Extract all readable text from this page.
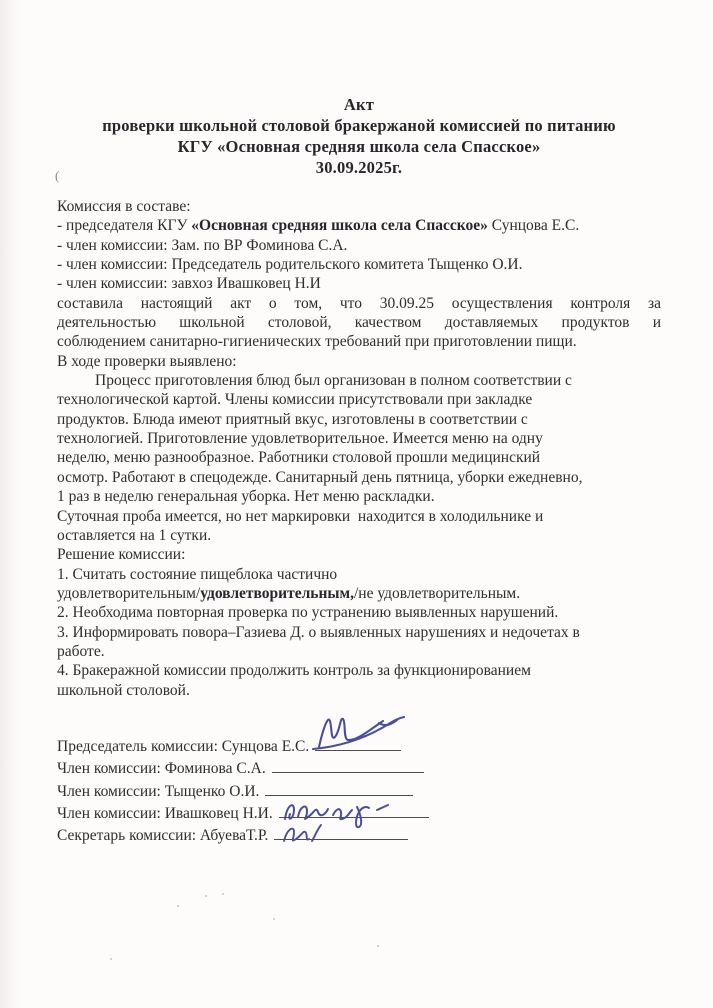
(
Акт
проверки школьной столовой бракержаной комиссией по питанию
КГУ «Основная средняя школа села Спасское»
30.09.2025г.
Комиссия в составе:
- председателя КГУ «Основная средняя школа села Спасское» Сунцова Е.С.
- член комиссии: Зам. по ВР Фоминова С.А.
- член комиссии: Председатель родительского комитета Тыщенко О.И.
- член комиссии: завхоз Ивашковец Н.И
составила настоящий акт о том, что 30.09.25 осуществления контроля за
деятельностью школьной столовой, качеством доставляемых продуктов и
соблюдением санитарно-гигиенических требований при приготовлении пищи.
В ходе проверки выявлено:
Процесс приготовления блюд был организован в полном соответствии с
технологической картой. Члены комиссии присутствовали при закладке
продуктов. Блюда имеют приятный вкус, изготовлены в соответствии с
технологией. Приготовление удовлетворительное. Имеется меню на одну
неделю, меню разнообразное. Работники столовой прошли медицинский
осмотр. Работают в спецодежде. Санитарный день пятница, уборки ежедневно,
1 раз в неделю генеральная уборка. Нет меню раскладки.
Суточная проба имеется, но нет маркировки  находится в холодильнике и
оставляется на 1 сутки.
Решение комиссии:
1. Считать состояние пищеблока частично
удовлетворительным/удовлетворительным,/не удовлетворительным.
2. Необходима повторная проверка по устранению выявленных нарушений.
3. Информировать повора–Газиева Д. о выявленных нарушениях и недочетах в
работе.
4. Бракеражной комиссии продолжить контроль за функционированием
школьной столовой.
Председатель комиссии: Сунцова Е.С.
Член комиссии: Фоминова С.А.
Член комиссии: Тыщенко О.И.
Член комиссии: Ивашковец Н.И.
Секретарь комиссии: АбуеваТ.Р.
